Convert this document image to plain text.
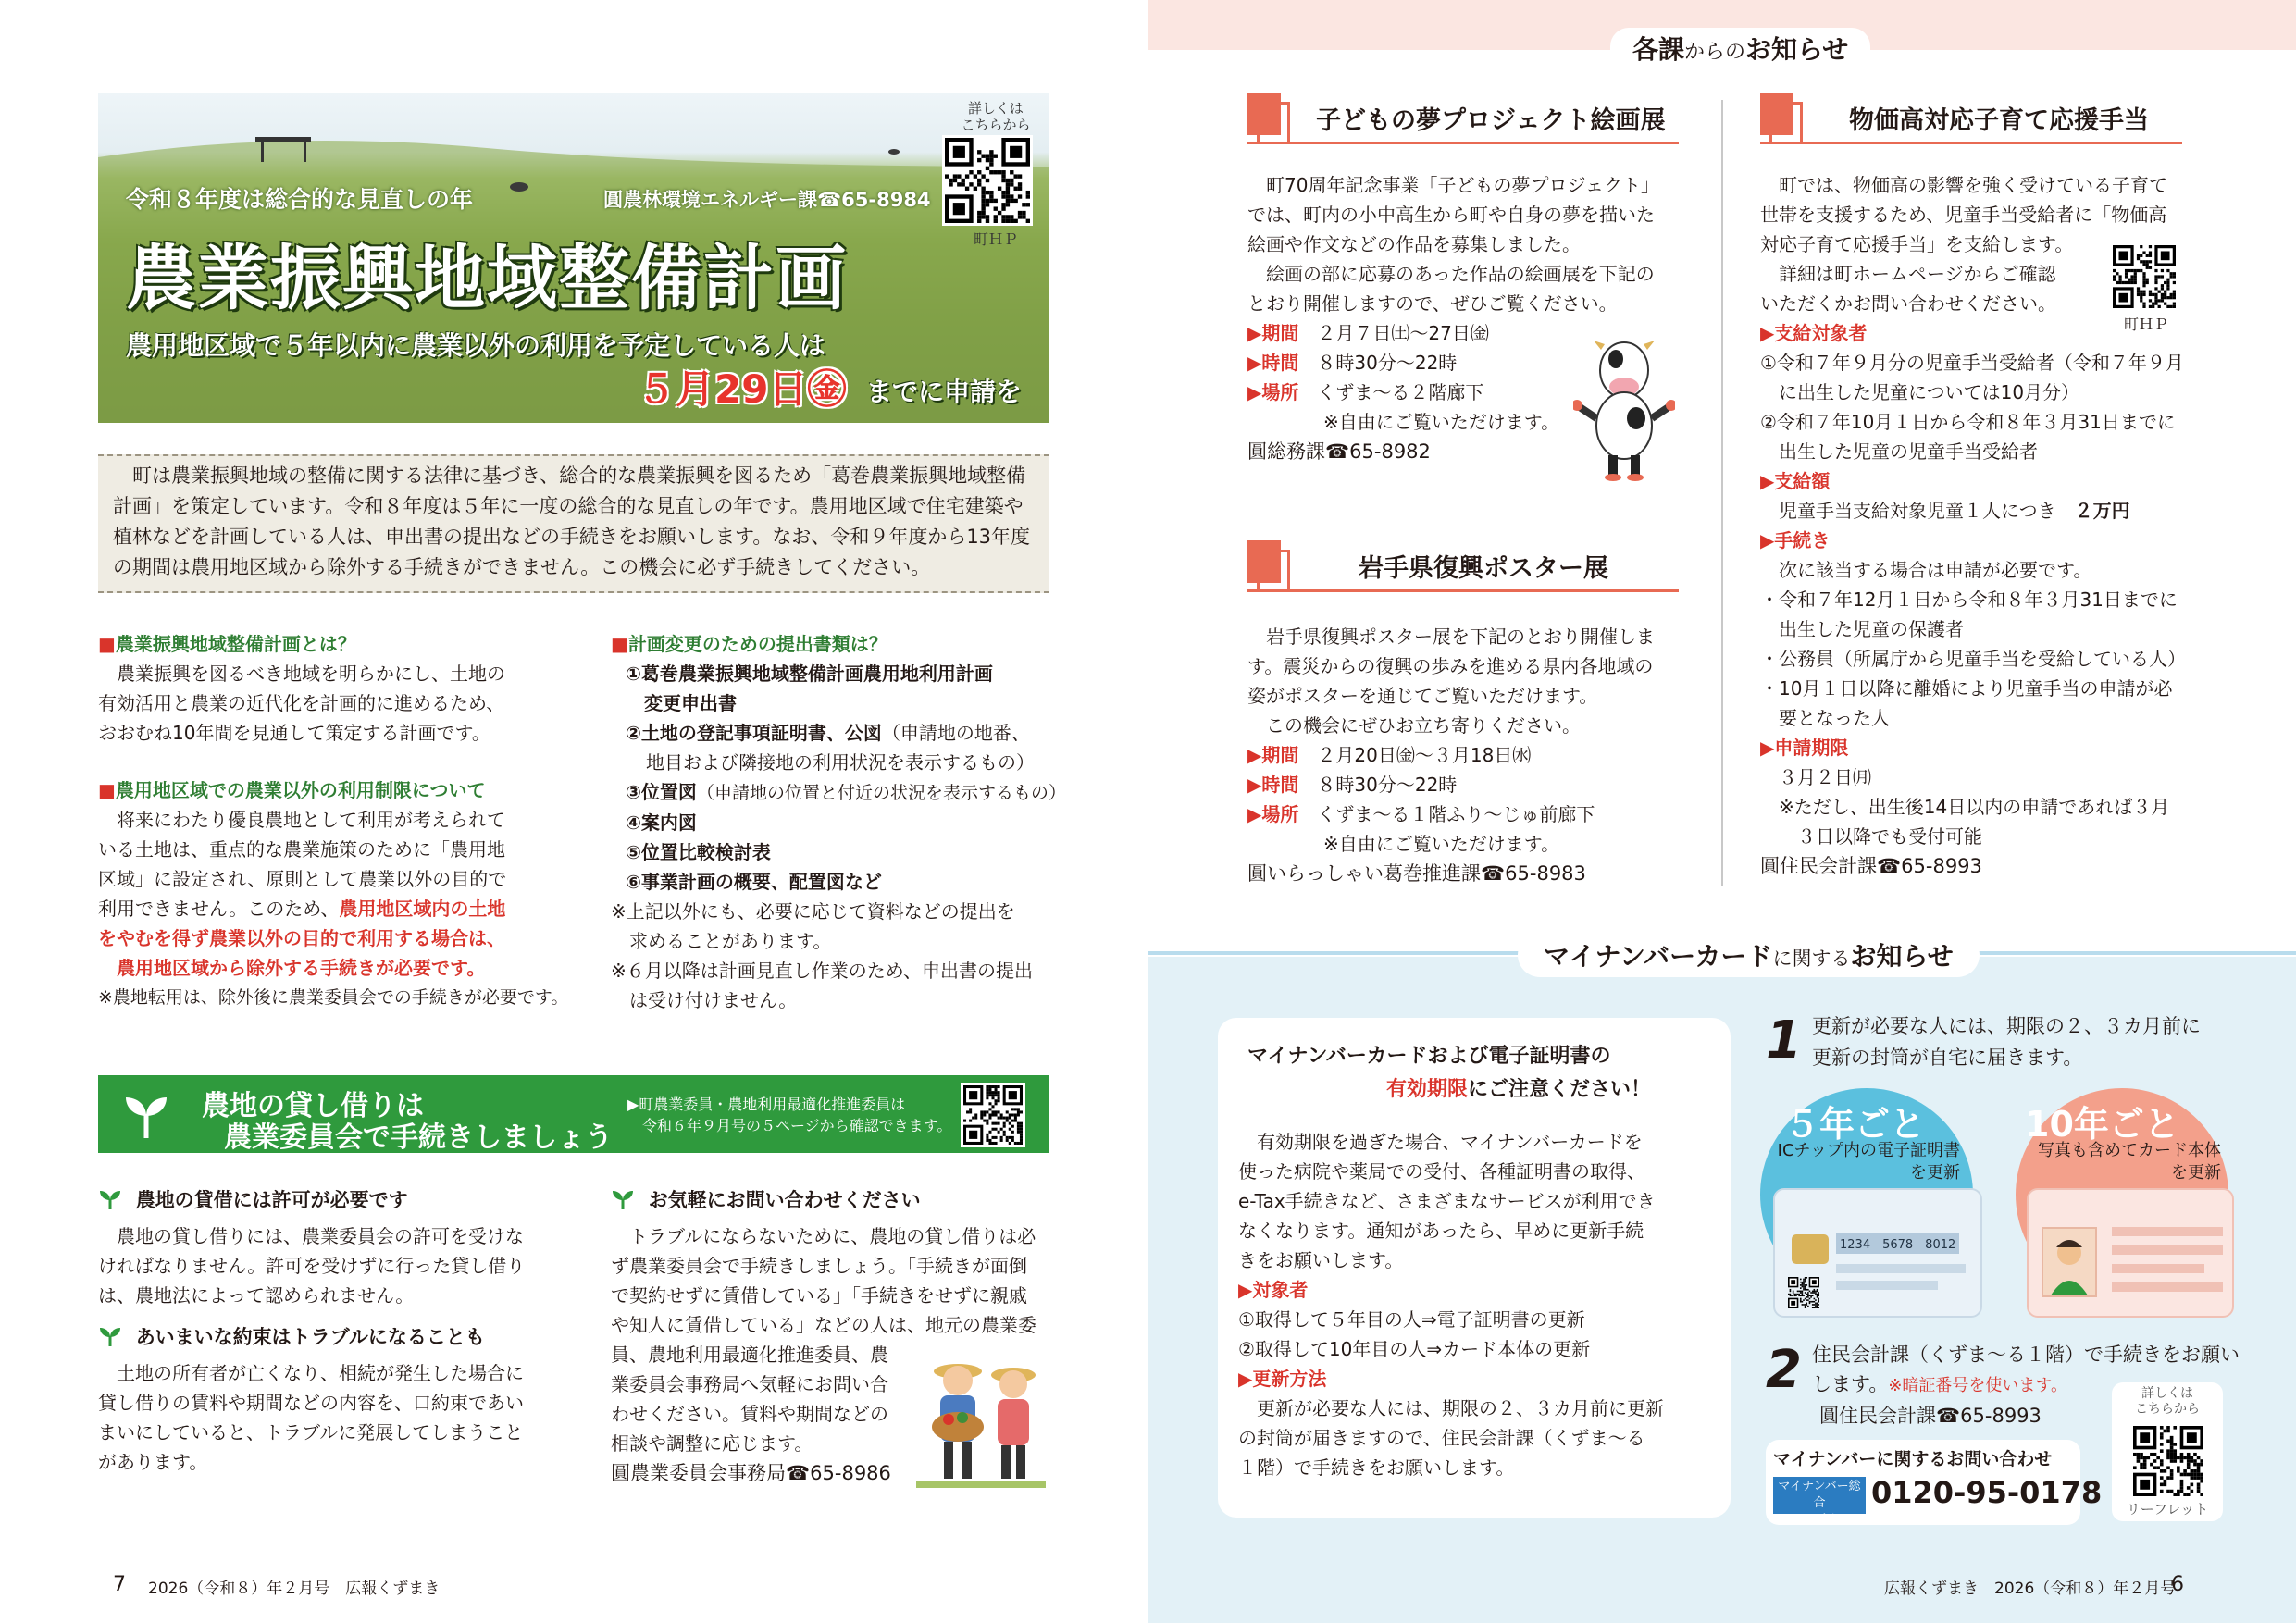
令和８年度は総合的な見直しの年	圓農林環境エネルギー課☎65-8984
農業振興地域整備計画
農用地区域で５年以内に農業以外の利用を予定している人は
５月29日㊎ までに申請を
詳しくは
こちらから
町ＨＰ
　町は農業振興地域の整備に関する法律に基づき、総合的な農業振興を図るため「葛巻農業振興地域整備
計画」を策定しています。令和８年度は５年に一度の総合的な見直しの年です。農用地区域で住宅建築や
植林などを計画している人は、申出書の提出などの手続きをお願いします。なお、令和９年度から13年度
の期間は農用地区域から除外する手続きができません。この機会に必ず手続きしてください。
■農業振興地域整備計画とは？
　農業振興を図るべき地域を明らかにし、土地の
有効活用と農業の近代化を計画的に進めるため、
おおむね10年間を見通して策定する計画です。
■農用地区域での農業以外の利用制限について
　将来にわたり優良農地として利用が考えられて
いる土地は、重点的な農業施策のために「農用地
区域」に設定され、原則として農業以外の目的で
利用できません。このため、農用地区域内の土地
をやむを得ず農業以外の目的で利用する場合は、
農用地区域から除外する手続きが必要です。
※農地転用は、除外後に農業委員会での手続きが必要です。
■計画変更のための提出書類は？
①葛巻農業振興地域整備計画農用地利用計画
　変更申出書
②土地の登記事項証明書、公図（申請地の地番、
地目および隣接地の利用状況を表示するもの）
③位置図（申請地の位置と付近の状況を表示するもの）
④案内図
⑤位置比較検討表
⑥事業計画の概要、配置図など
※上記以外にも、必要に応じて資料などの提出を
　求めることがあります。
※６月以降は計画見直し作業のため、申出書の提出
　は受け付けません。
農地の貸し借りは
農業委員会で手続きしましょう
▶町農業委員・農地利用最適化推進委員は
令和６年９月号の５ページから確認できます。
農地の貸借には許可が必要です
　農地の貸し借りには、農業委員会の許可を受けな
ければなりません。許可を受けずに行った貸し借り
は、農地法によって認められません。
あいまいな約束はトラブルになることも
　土地の所有者が亡くなり、相続が発生した場合に
貸し借りの賃料や期間などの内容を、口約束であい
まいにしていると、トラブルに発展してしまうこと
があります。
お気軽にお問い合わせください
　トラブルにならないために、農地の貸し借りは必
ず農業委員会で手続きしましょう。「手続きが面倒
で契約せずに賃借している」「手続きをせずに親戚
や知人に賃借している」などの人は、地元の農業委
員、農地利用最適化推進委員、農
業委員会事務局へ気軽にお問い合
わせください。賃料や期間などの
相談や調整に応じます。
圓農業委員会事務局☎65-8986
7 2026（令和８）年２月号　広報くずまき
各課からのお知らせ
子どもの夢プロジェクト絵画展
　町70周年記念事業「子どもの夢プロジェクト」
では、町内の小中高生から町や自身の夢を描いた
絵画や作文などの作品を募集しました。
　絵画の部に応募のあった作品の絵画展を下記の
とおり開催しますので、ぜひご覧ください。
▶期間　 ２月７日㈯～27日㈮
▶時間　 ８時30分～22時
▶場所　 くずま～る２階廊下
※自由にご覧いただけます。
圓総務課☎65-8982
岩手県復興ポスター展
　岩手県復興ポスター展を下記のとおり開催しま
す。震災からの復興の歩みを進める県内各地域の
姿がポスターを通じてご覧いただけます。
　この機会にぜひお立ち寄りください。
▶期間　 ２月20日㈮～３月18日㈬
▶時間　 ８時30分～22時
▶場所　 くずま～る１階ふり～じゅ前廊下
※自由にご覧いただけます。
圓いらっしゃい葛巻推進課☎65-8983
物価高対応子育て応援手当
　町では、物価高の影響を強く受けている子育て
世帯を支援するため、児童手当受給者に「物価高
対応子育て応援手当」を支給します。
　詳細は町ホームページからご確認
いただくかお問い合わせください。
▶支給対象者
①令和７年９月分の児童手当受給者（令和７年９月
　に出生した児童については10月分）
②令和７年10月１日から令和８年３月31日までに
　出生した児童の児童手当受給者
▶支給額
　児童手当支給対象児童１人につき　 ２万円
▶手続き
　次に該当する場合は申請が必要です。
・令和７年12月１日から令和８年３月31日までに
　出生した児童の保護者
・公務員（所属庁から児童手当を受給している人）
・10月１日以降に離婚により児童手当の申請が必
　要となった人
▶申請期限
　３月２日㈪
　※ただし、出生後14日以内の申請であれば３月
　　３日以降でも受付可能
圓住民会計課☎65-8993
町ＨＰ
マイナンバーカードに関するお知らせ
マイナンバーカードおよび電子証明書の
有効期限にご注意ください！
　有効期限を過ぎた場合、マイナンバーカードを
使った病院や薬局での受付、各種証明書の取得、
e-Tax手続きなど、さまざまなサービスが利用でき
なくなります。通知があったら、早めに更新手続
きをお願いします。
▶対象者
①取得して５年目の人⇒電子証明書の更新
②取得して10年目の人⇒カード本体の更新
▶更新方法
　更新が必要な人には、期限の２、３カ月前に更新
の封筒が届きますので、住民会計課（くずま～る
１階）で手続きをお願いします。
1 更新が必要な人には、期限の２、３カ月前に
更新の封筒が自宅に届きます。
５年ごと
ICチップ内の電子証明書
を更新
1234　5678　8012
10年ごと
写真も含めてカード本体
を更新
2 住民会計課（くずま～る１階）で手続きをお願い
します。※暗証番号を使います。
圓住民会計課☎65-8993
マイナンバーに関するお問い合わせ
マイナンバー総合
フリーダイアル
0120-95-0178
詳しくは
こちらから
リーフレット
広報くずまき　2026（令和８）年２月号
6
